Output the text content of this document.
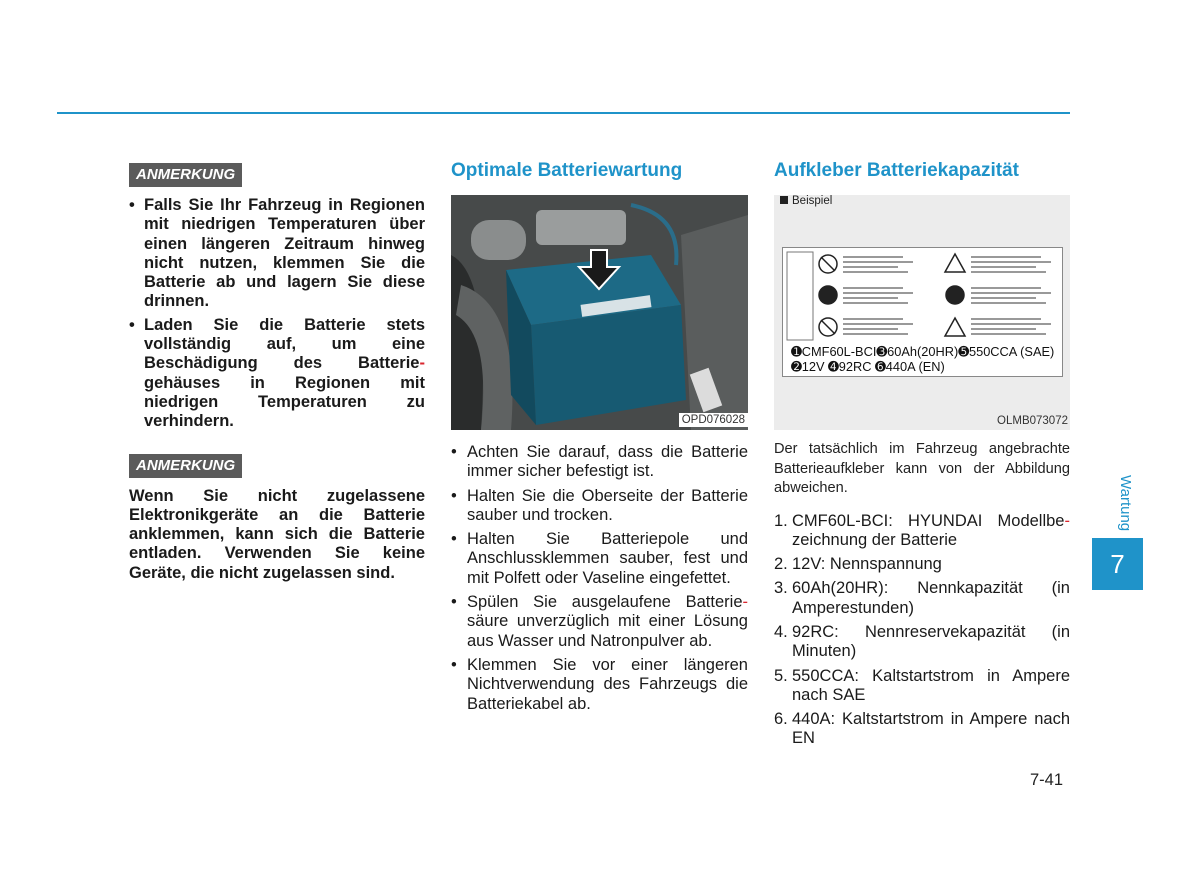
ANMERKUNG
• Falls Sie Ihr Fahrzeug in Regionen mit niedrigen Temperaturen über einen längeren Zeitraum hinweg nicht nutzen, klemmen Sie die Batterie ab und lagern Sie diese drinnen.
• Laden Sie die Batterie stets vollständig auf, um eine Beschädigung des Batterie-gehäuses in Regionen mit niedrigen Temperaturen zu verhindern.
ANMERKUNG

Wenn Sie nicht zugelassene Elektronikgeräte an die Batterie anklemmen, kann sich die Batterie entladen. Verwenden Sie keine Geräte, die nicht zugelassen sind.

Optimale Batteriewartung
OPD076028
• Achten Sie darauf, dass die Batterie immer sicher befestigt ist.
• Halten Sie die Oberseite der Batterie sauber und trocken.
• Halten Sie Batteriepole und Anschlussklemmen sauber, fest und mit Polfett oder Vaseline eingefettet.
• Spülen Sie ausgelaufene Batterie-säure unverzüglich mit einer Lösung aus Wasser und Natronpulver ab.
• Klemmen Sie vor einer längeren Nichtverwendung des Fahrzeugs die Batteriekabel ab.
Aufkleber Batteriekapazität
Beispiel
➊CMF60L-BCI➌60Ah(20HR)➎550CCA (SAE)
➋12V ➍92RC ➏440A (EN)
OLMB073072

Der tatsächlich im Fahrzeug angebrachte Batterieaufkleber kann von der Abbildung abweichen.

1. CMF60L-BCI: HYUNDAI Modellbe-zeichnung der Batterie
2. 12V: Nennspannung
3. 60Ah(20HR): Nennkapazität (in Amperestunden)
4. 92RC: Nennreservekapazität (in Minuten)
5. 550CCA: Kaltstartstrom in Ampere nach SAE
6. 440A: Kaltstartstrom in Ampere nach EN
Wartung
7
7-41
